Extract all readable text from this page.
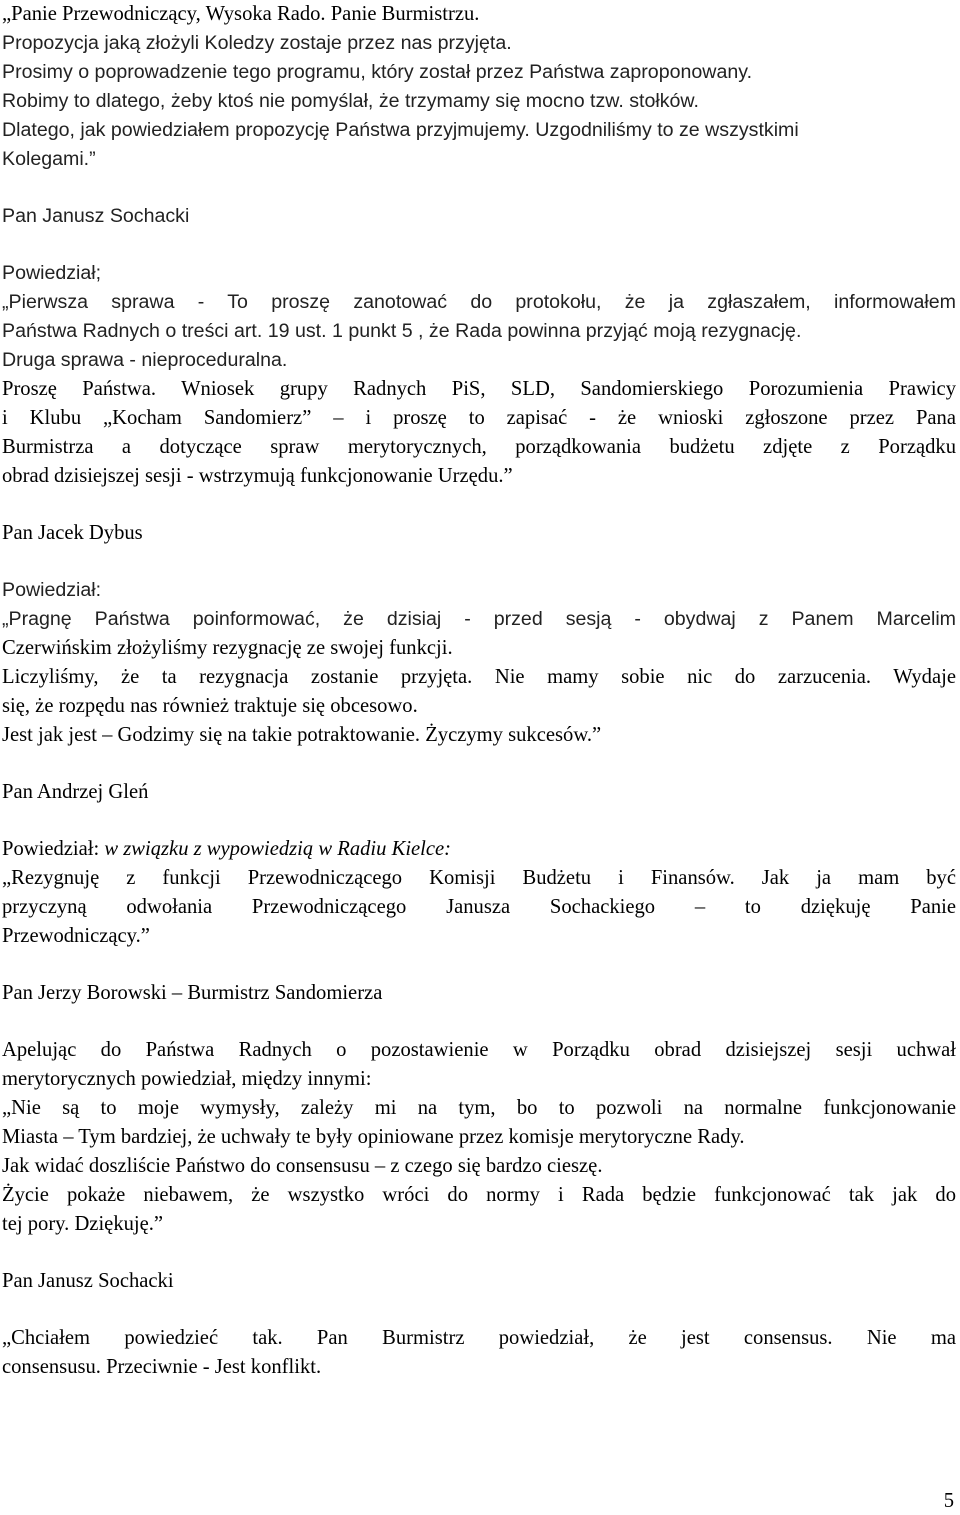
„Panie Przewodniczący, Wysoka Rado. Panie Burmistrzu.
Propozycja jaką złożyli Koledzy zostaje przez nas przyjęta.
Prosimy o poprowadzenie tego programu, który został przez Państwa zaproponowany.
Robimy to dlatego, żeby ktoś nie pomyślał, że trzymamy się mocno tzw. stołków.
Dlatego, jak powiedziałem propozycję Państwa przyjmujemy. Uzgodniliśmy to ze wszystkimi
Kolegami.”
Pan Janusz Sochacki
Powiedział;
„Pierwsza sprawa - To proszę zanotować do protokołu, że ja zgłaszałem, informowałem
Państwa Radnych o treści art. 19 ust. 1 punkt 5 , że Rada powinna przyjąć moją rezygnację.
Druga sprawa - nieproceduralna.
Proszę Państwa. Wniosek grupy Radnych PiS, SLD, Sandomierskiego Porozumienia Prawicy
i Klubu „Kocham Sandomierz” – i proszę to zapisać - że wnioski zgłoszone przez Pana
Burmistrza a dotyczące spraw merytorycznych, porządkowania budżetu zdjęte z Porządku
obrad dzisiejszej sesji - wstrzymują funkcjonowanie Urzędu.”
Pan Jacek Dybus
Powiedział:
„Pragnę Państwa poinformować, że dzisiaj - przed sesją - obydwaj z Panem Marcelim
Czerwińskim złożyliśmy rezygnację ze swojej funkcji.
Liczyliśmy, że ta rezygnacja zostanie przyjęta. Nie mamy sobie nic do zarzucenia. Wydaje
się, że rozpędu nas również traktuje się obcesowo.
Jest jak jest – Godzimy się na takie potraktowanie. Życzymy sukcesów.”
Pan Andrzej Gleń
Powiedział: w związku z wypowiedzią w Radiu Kielce:
„Rezygnuję z funkcji Przewodniczącego Komisji Budżetu i Finansów. Jak ja mam być
przyczyną odwołania Przewodniczącego Janusza Sochackiego – to dziękuję Panie
Przewodniczący.”
Pan Jerzy Borowski – Burmistrz Sandomierza
Apelując do Państwa Radnych o pozostawienie w Porządku obrad dzisiejszej sesji uchwał
merytorycznych powiedział, między innymi:
„Nie są to moje wymysły, zależy mi na tym, bo to pozwoli na normalne funkcjonowanie
Miasta – Tym bardziej, że uchwały te były opiniowane przez komisje merytoryczne Rady.
Jak widać doszliście Państwo do consensusu – z czego się bardzo cieszę.
Życie pokaże niebawem, że wszystko wróci do normy i Rada będzie funkcjonować tak jak do
tej pory. Dziękuję.”
Pan Janusz Sochacki
„Chciałem powiedzieć tak. Pan Burmistrz powiedział, że jest consensus. Nie ma
consensusu. Przeciwnie - Jest konflikt.
5
